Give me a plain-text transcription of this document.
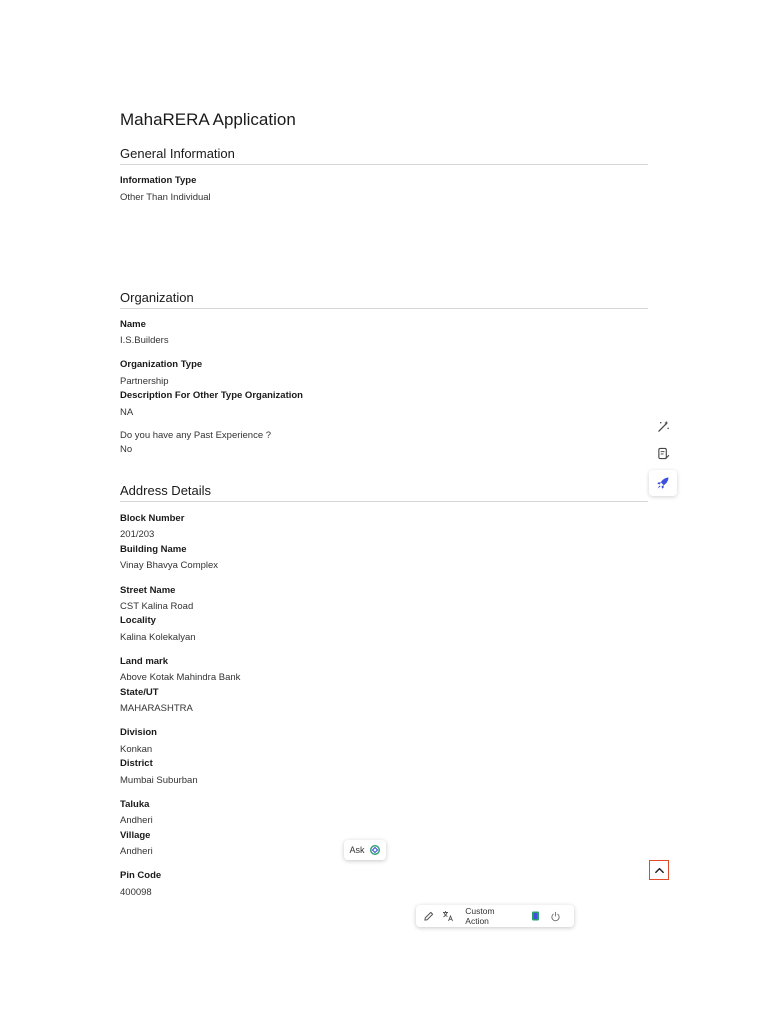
MahaRERA Application
General Information
Information Type
Other Than Individual
Organization
Name
I.S.Builders
Organization Type
Partnership
Description For Other Type Organization
NA
Do you have any Past Experience ?
No
Address Details
Block Number
201/203
Building Name
Vinay Bhavya Complex
Street Name
CST Kalina Road
Locality
Kalina Kolekalyan
Land mark
Above Kotak Mahindra Bank
State/UT
MAHARASHTRA
Division
Konkan
District
Mumbai Suburban
Taluka
Andheri
Village
Andheri
Pin Code
400098
Ask
Custom Action
